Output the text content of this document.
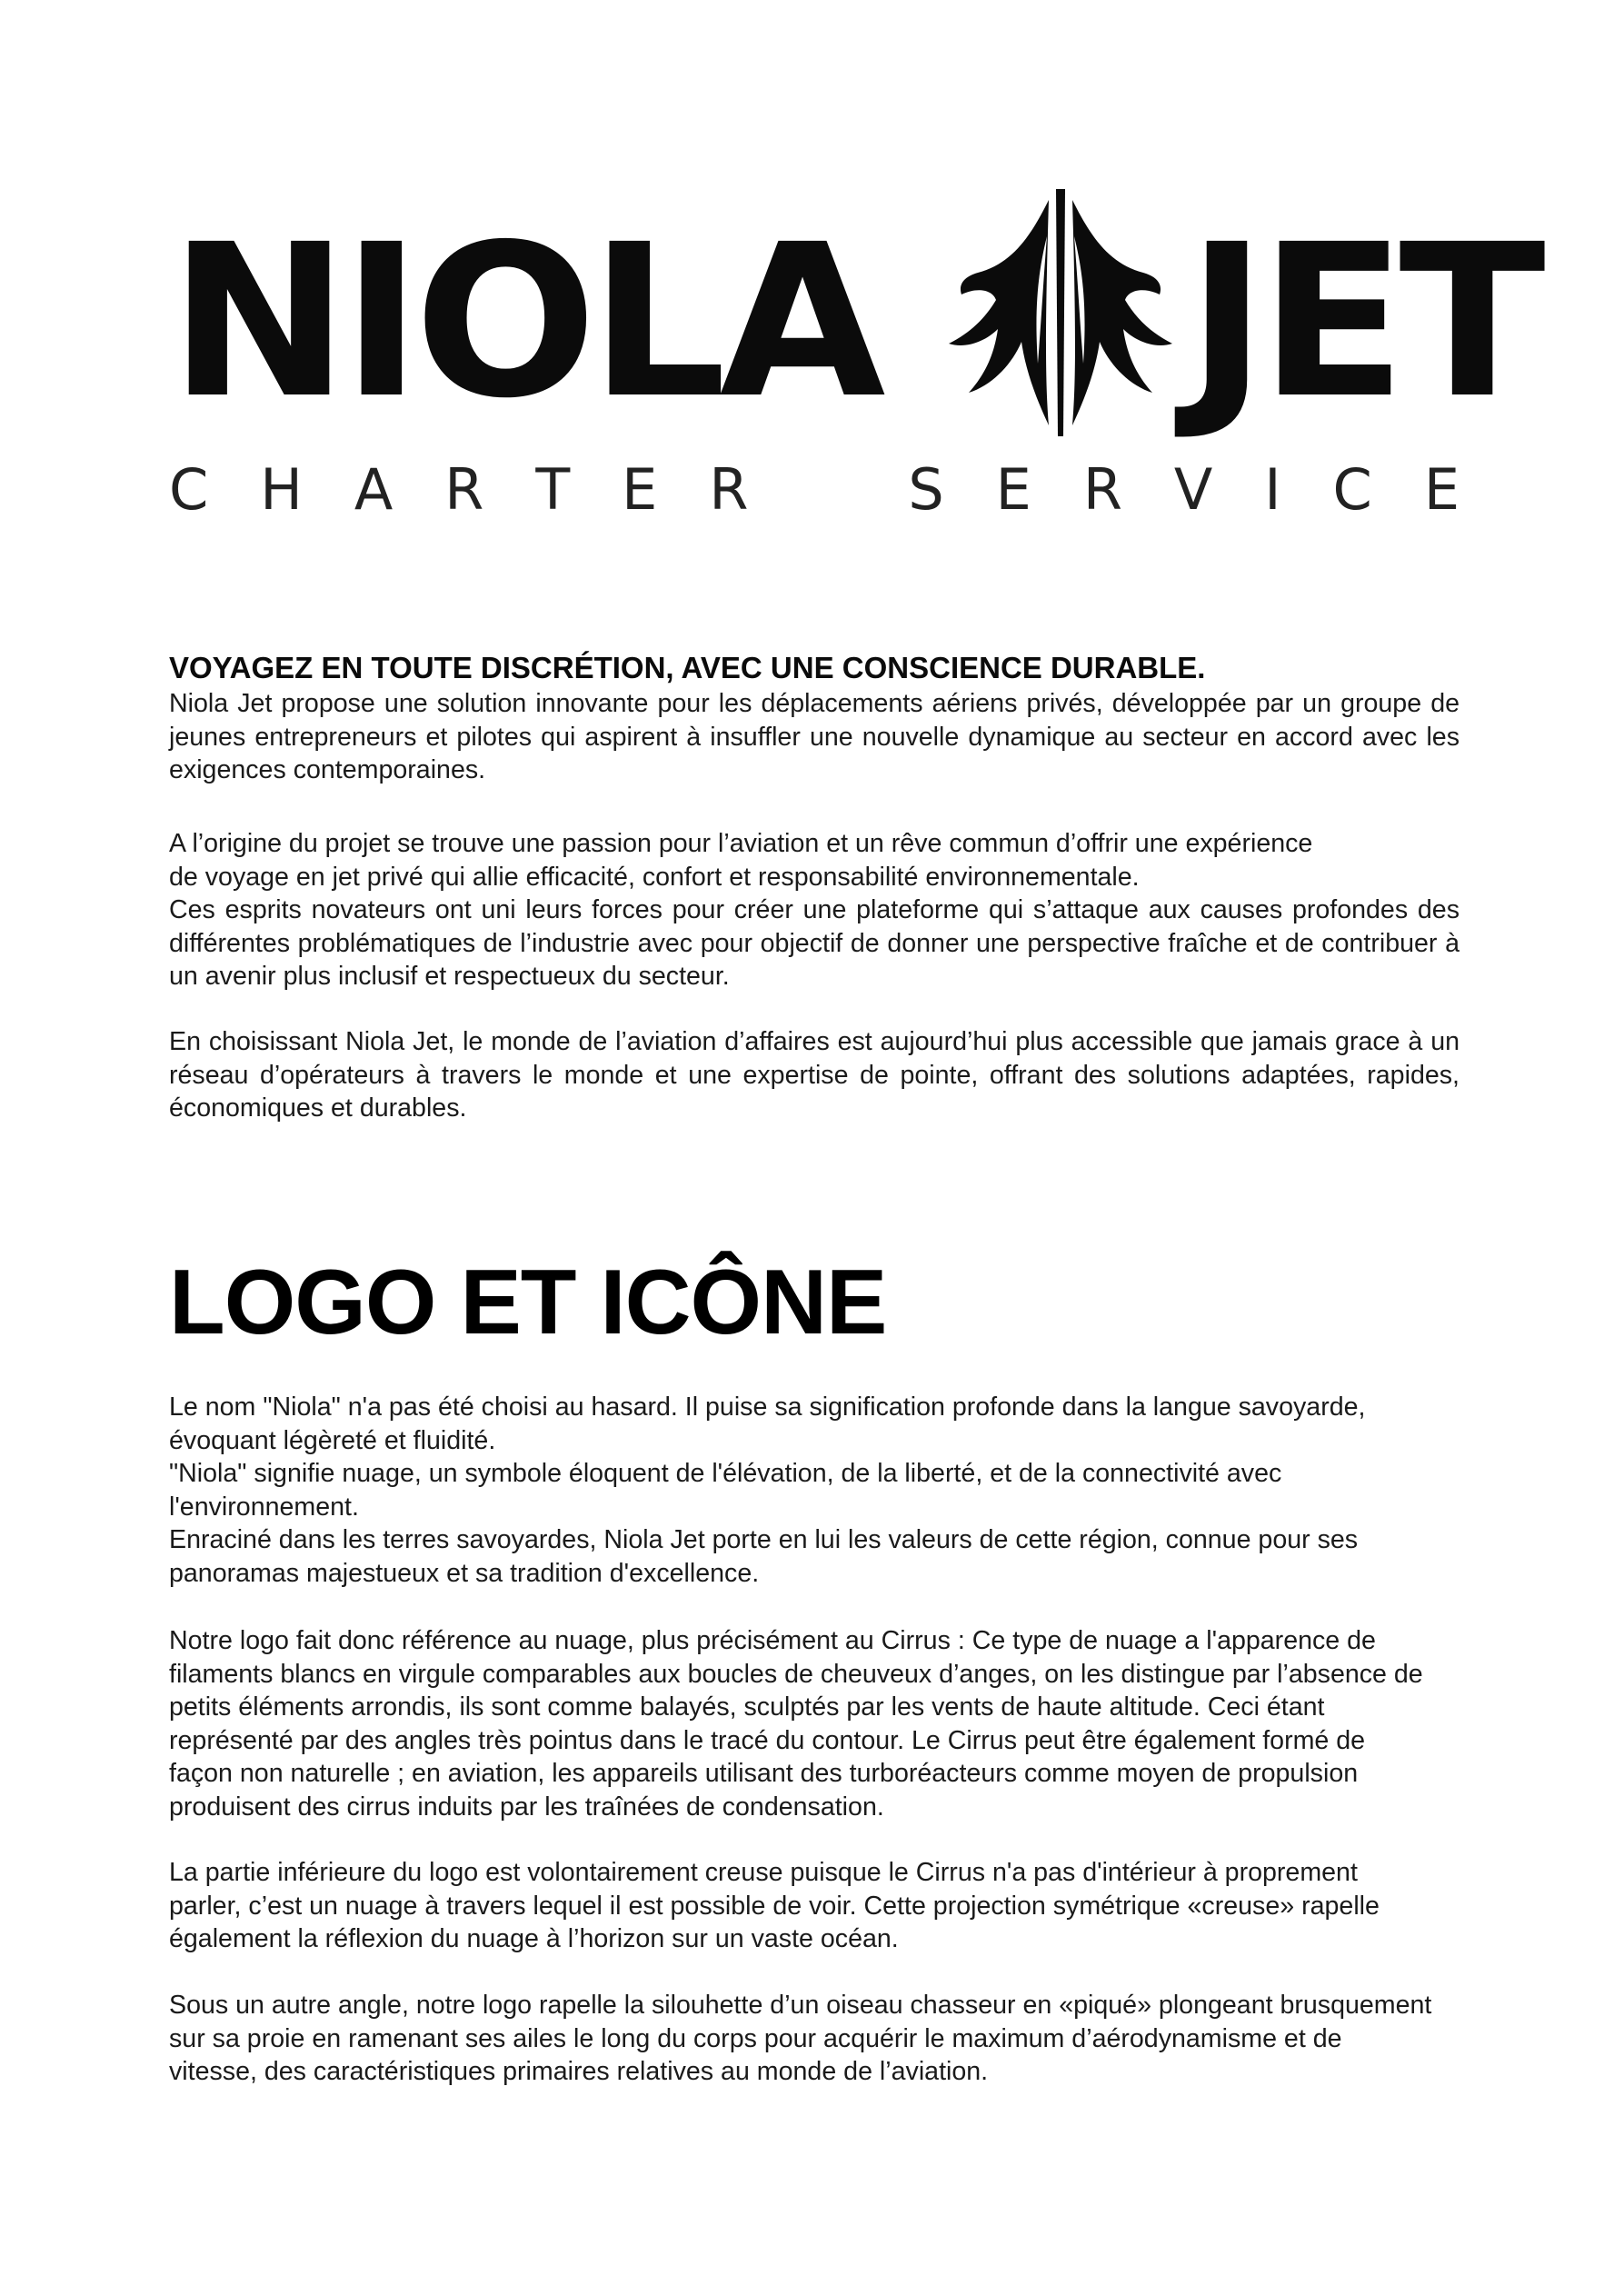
NIOLA JET
C H A R T E R	S E R V I C E
VOYAGEZ EN TOUTE DISCRÉTION, AVEC UNE CONSCIENCE DURABLE.

Niola Jet propose une solution innovante pour les déplacements aériens privés, développée par un groupe de jeunes entrepreneurs et pilotes qui aspirent à insuffler une nouvelle dynamique au secteur en accord avec les exigences contemporaines.

A l’origine du projet se trouve une passion pour l’aviation et un rêve commun d’offrir une expérience
de voyage en jet privé qui allie efficacité, confort et responsabilité environnementale.
Ces esprits novateurs ont uni leurs forces pour créer une plateforme qui s’attaque aux causes profondes des différentes problématiques de l’industrie avec pour objectif de donner une perspective fraîche et de contribuer à un avenir plus inclusif et respectueux du secteur.

En choisissant Niola Jet, le monde de l’aviation d’affaires est aujourd’hui plus accessible que jamais grace à un réseau d’opérateurs à travers le monde et une expertise de pointe, offrant des solutions adaptées, rapides, économiques et durables.

LOGO ET ICÔNE

Le nom "Niola" n'a pas été choisi au hasard. Il puise sa signification profonde dans la langue savoyarde,
évoquant légèreté et fluidité.
"Niola" signifie nuage, un symbole éloquent de l'élévation, de la liberté, et de la connectivité avec
l'environnement.
Enraciné dans les terres savoyardes, Niola Jet porte en lui les valeurs de cette région, connue pour ses
panoramas majestueux et sa tradition d'excellence.

Notre logo fait donc référence au nuage, plus précisément au Cirrus : Ce type de nuage a l'apparence de
filaments blancs en virgule comparables aux boucles de cheuveux d’anges, on les distingue par l’absence de
petits éléments arrondis, ils sont comme balayés, sculptés par les vents de haute altitude. Ceci étant
représenté par des angles très pointus dans le tracé du contour. Le Cirrus peut être également formé de
façon non naturelle ; en aviation, les appareils utilisant des turboréacteurs comme moyen de propulsion
produisent des cirrus induits par les traînées de condensation.

La partie inférieure du logo est volontairement creuse puisque le Cirrus n'a pas d'intérieur à proprement
parler, c’est un nuage à travers lequel il est possible de voir. Cette projection symétrique «creuse» rapelle
également la réflexion du nuage à l’horizon sur un vaste océan.

Sous un autre angle, notre logo rapelle la silouhette d’un oiseau chasseur en «piqué» plongeant brusquement
sur sa proie en ramenant ses ailes le long du corps pour acquérir le maximum d’aérodynamisme et de
vitesse, des caractéristiques primaires relatives au monde de l’aviation.
